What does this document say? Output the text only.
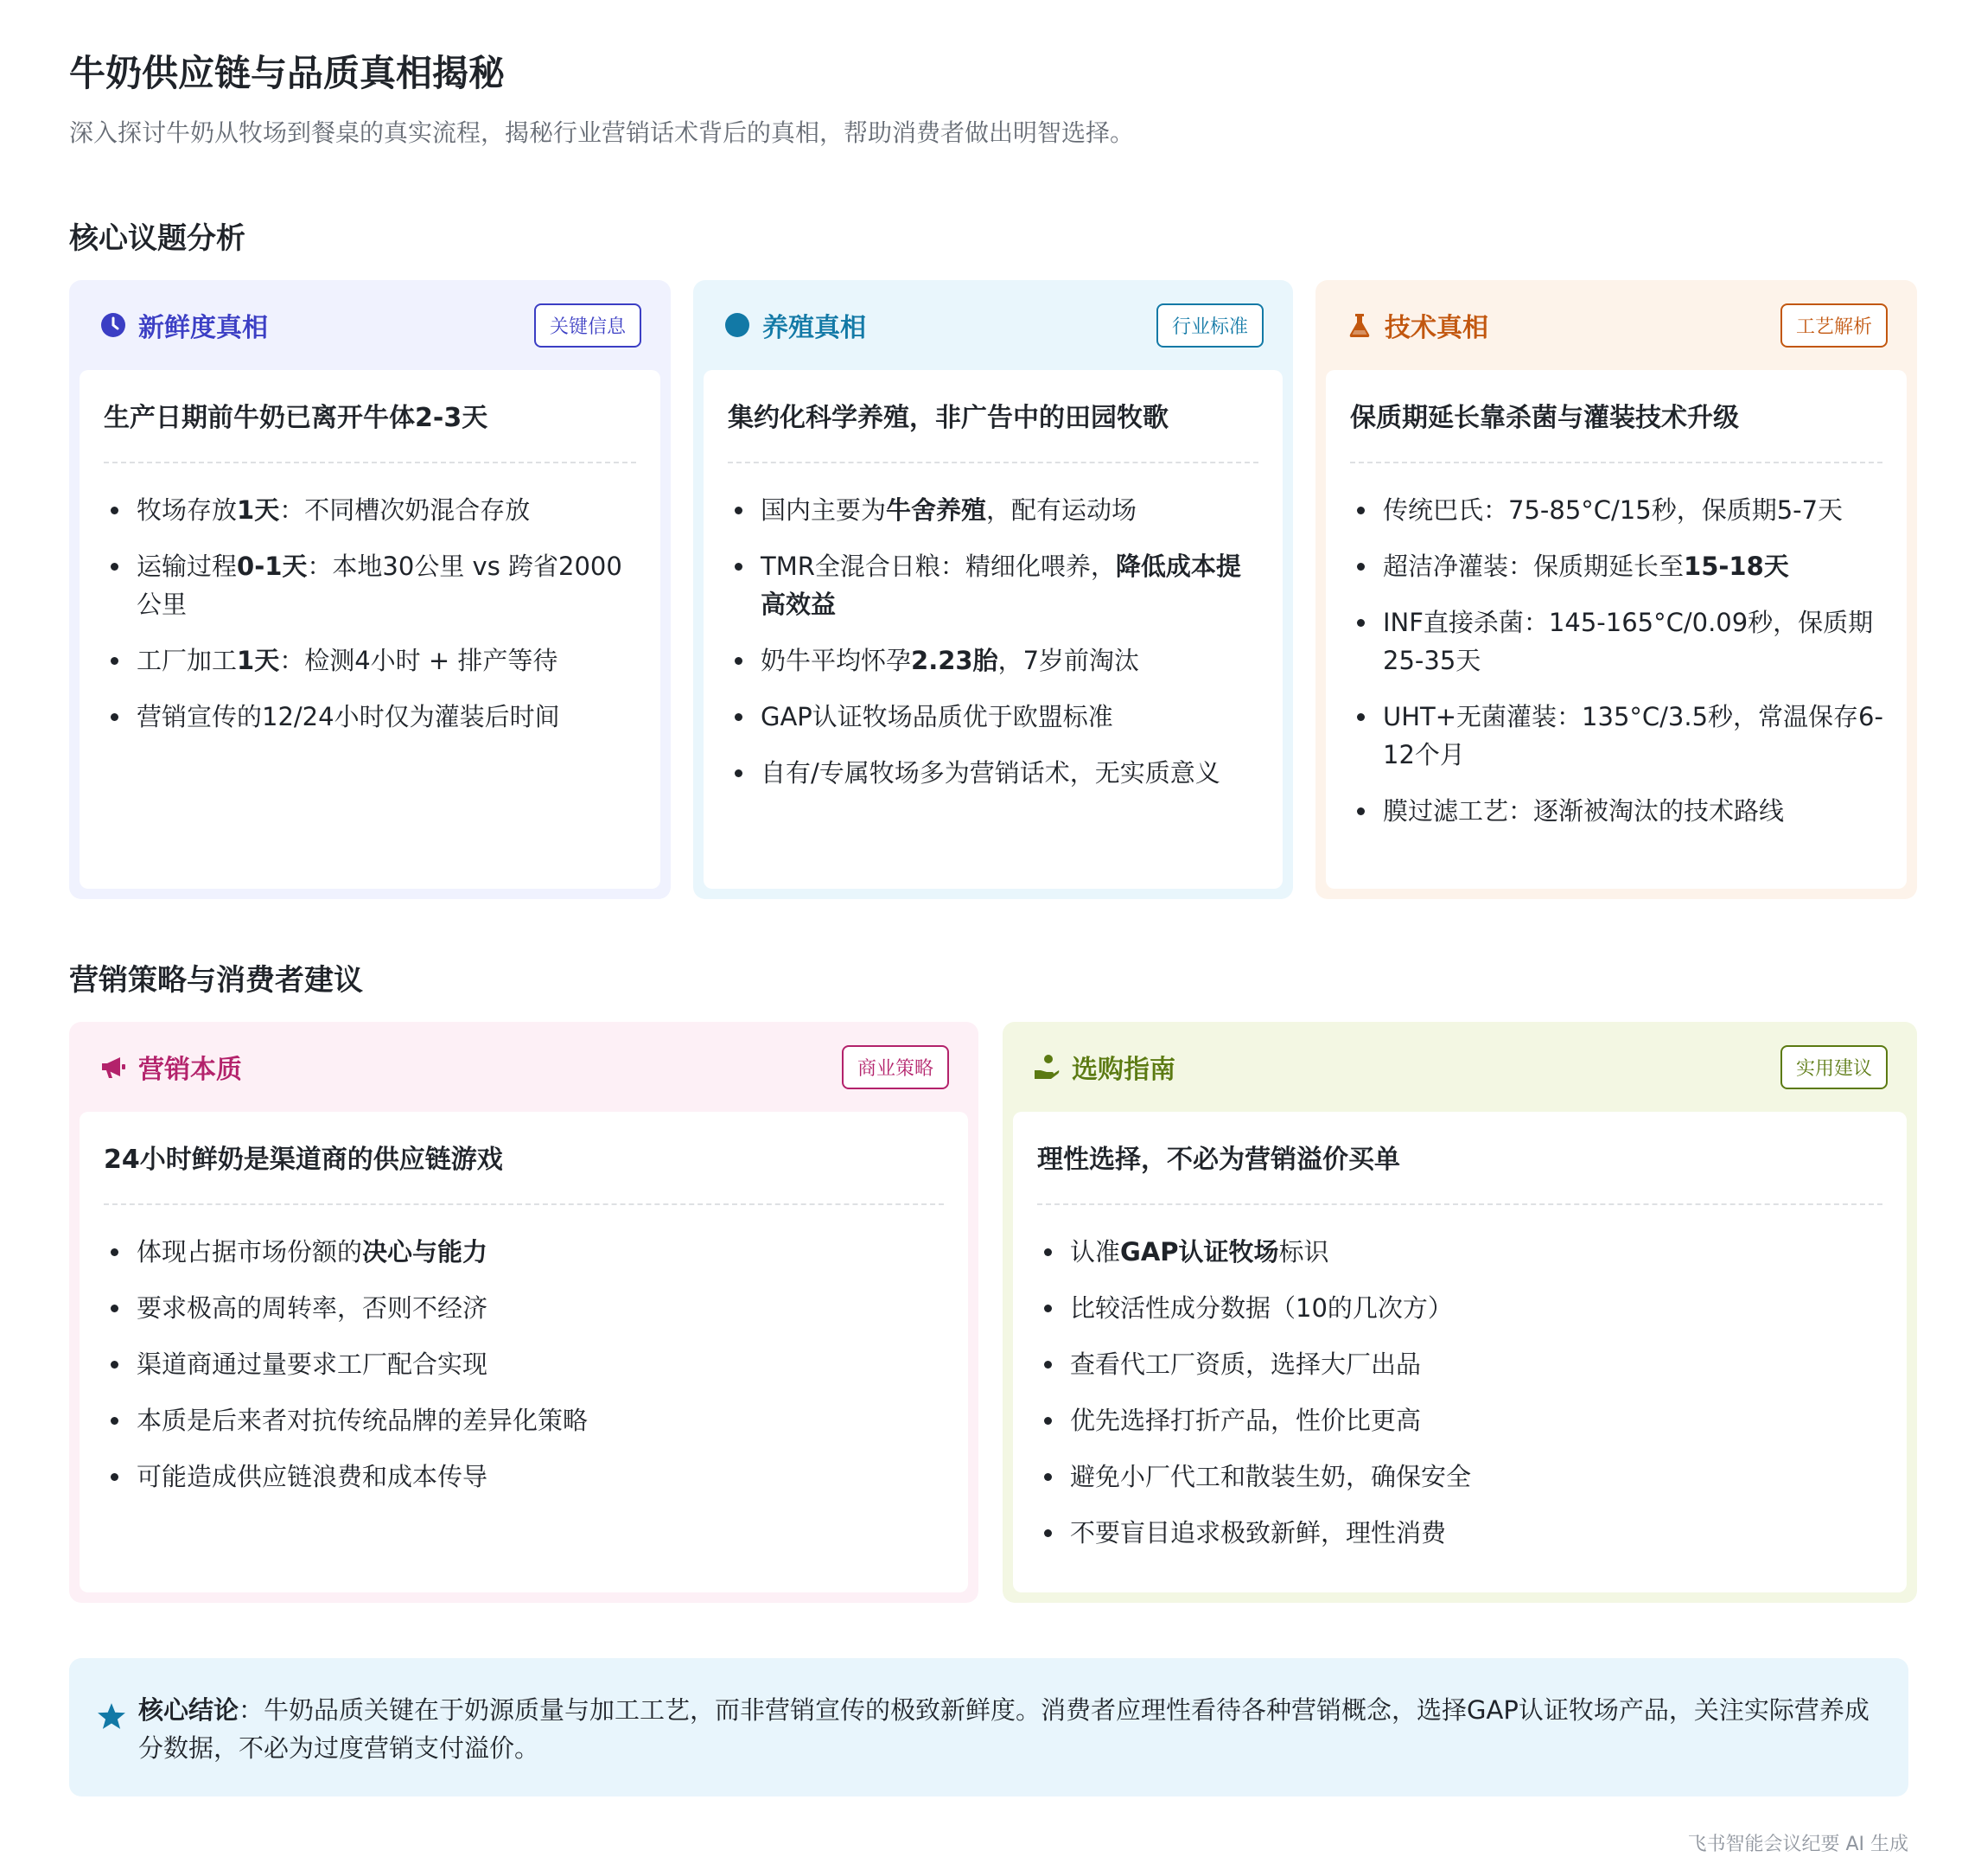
牛奶供应链与品质真相揭秘

深入探讨牛奶从牧场到餐桌的真实流程，揭秘行业营销话术背后的真相，帮助消费者做出明智选择。

核心议题分析
新鲜度真相	关键信息
生产日期前牛奶已离开牛体2-3天
牧场存放1天：不同槽次奶混合存放
运输过程0-1天：本地30公里 vs 跨省2000公里
工厂加工1天：检测4小时 + 排产等待
营销宣传的12/24小时仅为灌装后时间
养殖真相	行业标准
集约化科学养殖，非广告中的田园牧歌
国内主要为牛舍养殖，配有运动场
TMR全混合日粮：精细化喂养，降低成本提高效益
奶牛平均怀孕2.23胎，7岁前淘汰
GAP认证牧场品质优于欧盟标准
自有/专属牧场多为营销话术，无实质意义
技术真相	工艺解析
保质期延长靠杀菌与灌装技术升级
传统巴氏：75-85°C/15秒，保质期5-7天
超洁净灌装：保质期延长至15-18天
INF直接杀菌：145-165°C/0.09秒，保质期25-35天
UHT+无菌灌装：135°C/3.5秒，常温保存6-12个月
膜过滤工艺：逐渐被淘汰的技术路线
营销策略与消费者建议
营销本质	商业策略
24小时鲜奶是渠道商的供应链游戏
体现占据市场份额的决心与能力
要求极高的周转率，否则不经济
渠道商通过量要求工厂配合实现
本质是后来者对抗传统品牌的差异化策略
可能造成供应链浪费和成本传导
选购指南	实用建议
理性选择，不必为营销溢价买单
认准GAP认证牧场标识
比较活性成分数据（10的几次方）
查看代工厂资质，选择大厂出品
优先选择打折产品，性价比更高
避免小厂代工和散装生奶，确保安全
不要盲目追求极致新鲜，理性消费

核心结论：牛奶品质关键在于奶源质量与加工工艺，而非营销宣传的极致新鲜度。消费者应理性看待各种营销概念，选择GAP认证牧场产品，关注实际营养成分数据，不必为过度营销支付溢价。

飞书智能会议纪要 AI 生成
